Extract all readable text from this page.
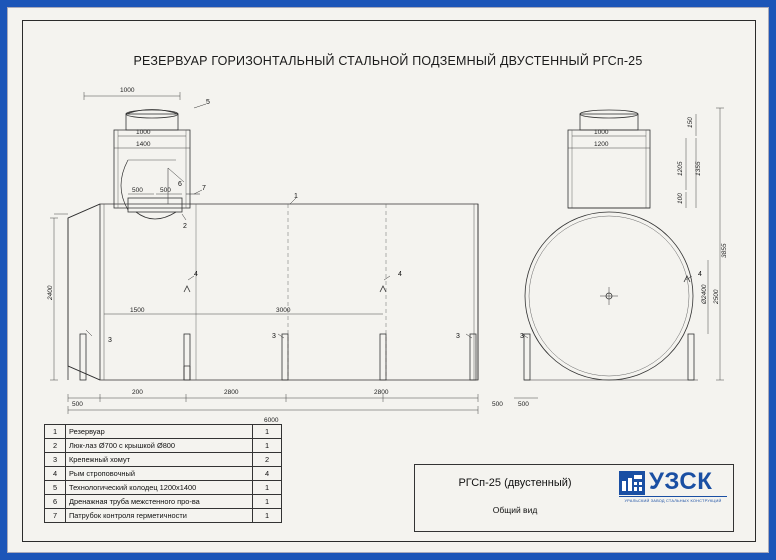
РЕЗЕРВУАР ГОРИЗОНТАЛЬНЫЙ СТАЛЬНОЙ ПОДЗЕМНЫЙ ДВУСТЕННЫЙ РГСп-25
1000
1000
1400
500	500
2400
1500	3000
500
200	2800	2800
500
6000
1000
1200
150
1205 1355
100
Ø2400 2500
3855
500
5
1
2
4	4
3
3	3	3
4
6
7
1	Резервуар	1
2	Люк-лаз Ø700 с крышкой Ø800	1
3	Крепежный хомут	2
4	Рым строповочный	4
5	Технологический колодец 1200х1400	1
6	Дренажная труба межстенного про-ва	1
7	Патрубок контроля герметичности	1
РГСп-25 (двустенный)
Общий вид
УЗСК
УРАЛЬСКИЙ ЗАВОД СТАЛЬНЫХ КОНСТРУКЦИЙ
